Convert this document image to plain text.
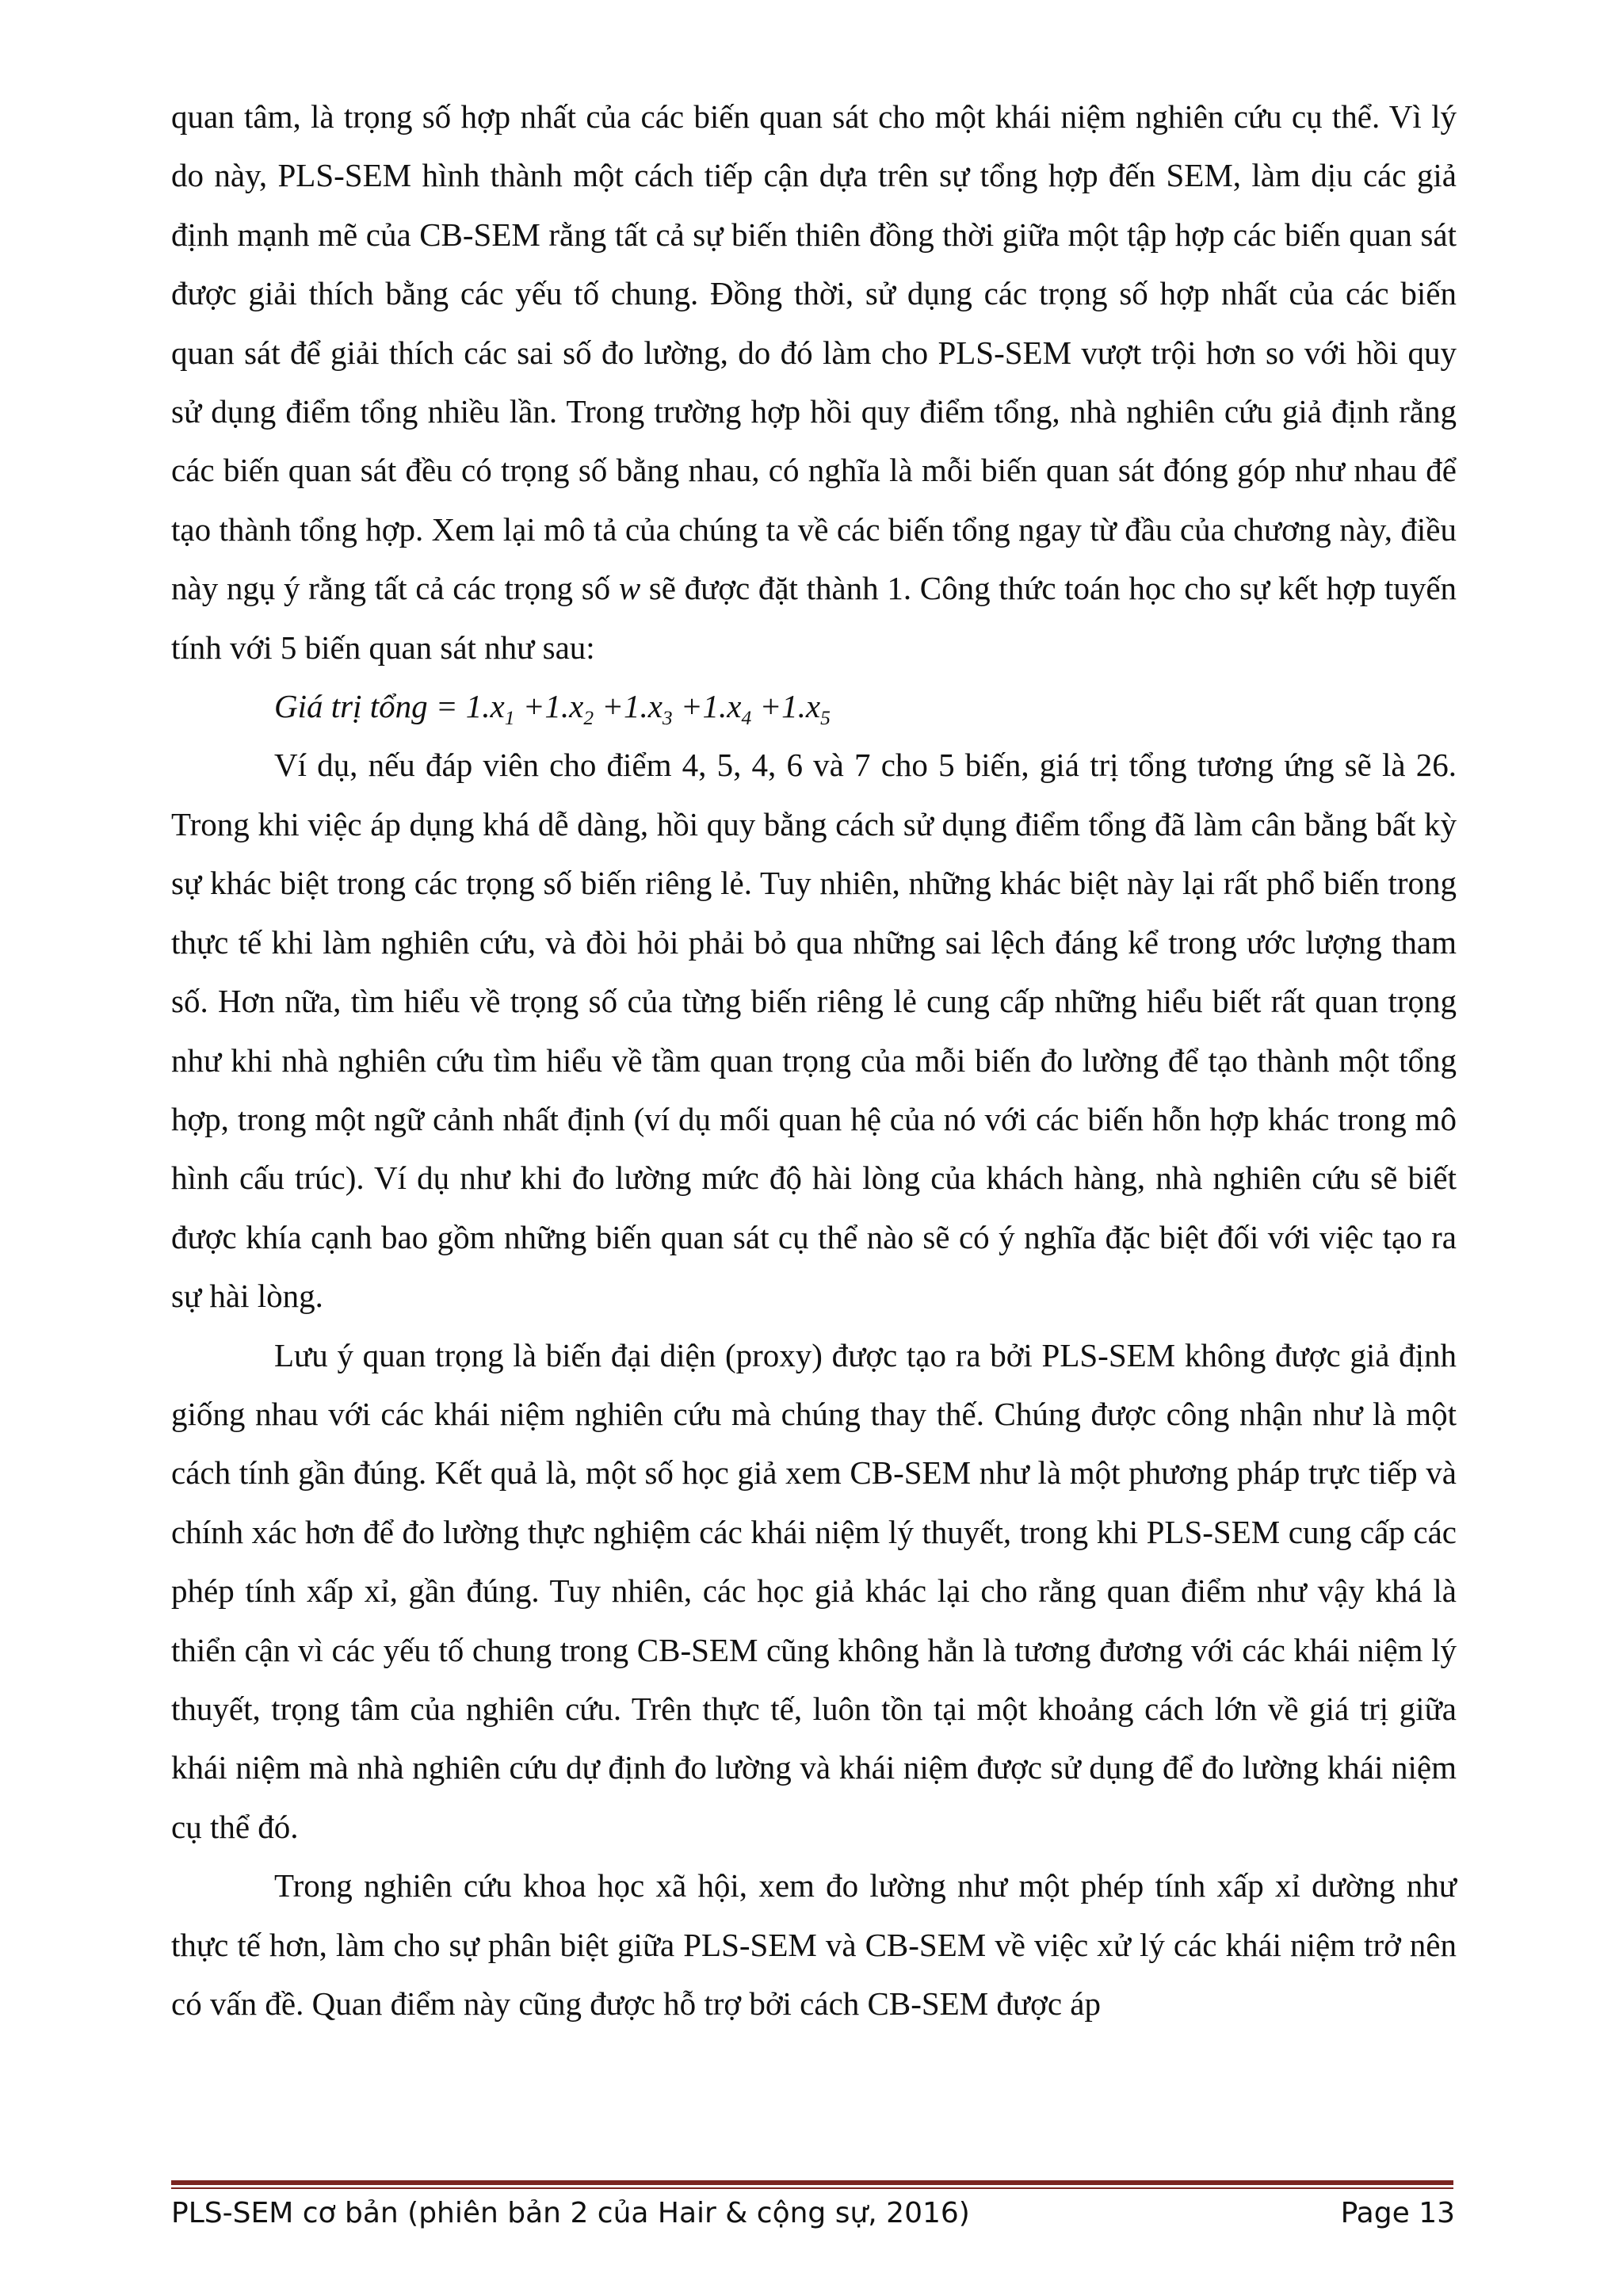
quan tâm, là trọng số hợp nhất của các biến quan sát cho một khái niệm nghiên cứu cụ thể. Vì lý do này, PLS-SEM hình thành một cách tiếp cận dựa trên sự tổng hợp đến SEM, làm dịu các giả định mạnh mẽ của CB-SEM rằng tất cả sự biến thiên đồng thời giữa một tập hợp các biến quan sát được giải thích bằng các yếu tố chung. Đồng thời, sử dụng các trọng số hợp nhất của các biến quan sát để giải thích các sai số đo lường, do đó làm cho PLS-SEM vượt trội hơn so với hồi quy sử dụng điểm tổng nhiều lần. Trong trường hợp hồi quy điểm tổng, nhà nghiên cứu giả định rằng các biến quan sát đều có trọng số bằng nhau, có nghĩa là mỗi biến quan sát đóng góp như nhau để tạo thành tổng hợp. Xem lại mô tả của chúng ta về các biến tổng ngay từ đầu của chương này, điều này ngụ ý rằng tất cả các trọng số w sẽ được đặt thành 1. Công thức toán học cho sự kết hợp tuyến tính với 5 biến quan sát như sau:

Giá trị tổng = $1.x_1 +1.x_2 +1.x_3 +1.x_4 +1.x_5$

Ví dụ, nếu đáp viên cho điểm 4, 5, 4, 6 và 7 cho 5 biến, giá trị tổng tương ứng sẽ là 26. Trong khi việc áp dụng khá dễ dàng, hồi quy bằng cách sử dụng điểm tổng đã làm cân bằng bất kỳ sự khác biệt trong các trọng số biến riêng lẻ. Tuy nhiên, những khác biệt này lại rất phổ biến trong thực tế khi làm nghiên cứu, và đòi hỏi phải bỏ qua những sai lệch đáng kể trong ước lượng tham số. Hơn nữa, tìm hiểu về trọng số của từng biến riêng lẻ cung cấp những hiểu biết rất quan trọng như khi nhà nghiên cứu tìm hiểu về tầm quan trọng của mỗi biến đo lường để tạo thành một tổng hợp, trong một ngữ cảnh nhất định (ví dụ mối quan hệ của nó với các biến hỗn hợp khác trong mô hình cấu trúc). Ví dụ như khi đo lường mức độ hài lòng của khách hàng, nhà nghiên cứu sẽ biết được khía cạnh bao gồm những biến quan sát cụ thể nào sẽ có ý nghĩa đặc biệt đối với việc tạo ra sự hài lòng.

Lưu ý quan trọng là biến đại diện (proxy) được tạo ra bởi PLS-SEM không được giả định giống nhau với các khái niệm nghiên cứu mà chúng thay thế. Chúng được công nhận như là một cách tính gần đúng. Kết quả là, một số học giả xem CB-SEM như là một phương pháp trực tiếp và chính xác hơn để đo lường thực nghiệm các khái niệm lý thuyết, trong khi PLS-SEM cung cấp các phép tính xấp xỉ, gần đúng. Tuy nhiên, các học giả khác lại cho rằng quan điểm như vậy khá là thiển cận vì các yếu tố chung trong CB-SEM cũng không hẳn là tương đương với các khái niệm lý thuyết, trọng tâm của nghiên cứu. Trên thực tế, luôn tồn tại một khoảng cách lớn về giá trị giữa khái niệm mà nhà nghiên cứu dự định đo lường và khái niệm được sử dụng để đo lường khái niệm cụ thể đó.

Trong nghiên cứu khoa học xã hội, xem đo lường như một phép tính xấp xỉ dường như thực tế hơn, làm cho sự phân biệt giữa PLS-SEM và CB-SEM về việc xử lý các khái niệm trở nên có vấn đề. Quan điểm này cũng được hỗ trợ bởi cách CB-SEM được áp

PLS-SEM cơ bản (phiên bản 2 của Hair & cộng sự, 2016)	Page 13
